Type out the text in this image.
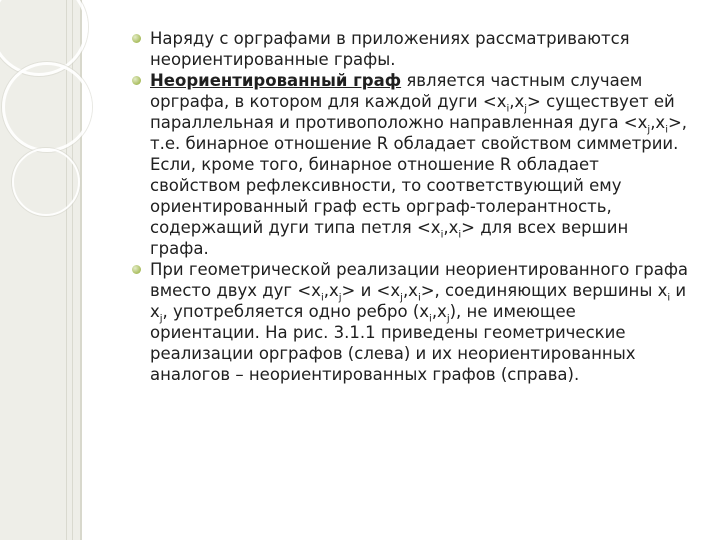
Наряду с орграфами в приложениях рассматриваются неориентированные графы.
Неориентированный граф является частным случаем орграфа, в котором для каждой дуги $<x_i,x_j>$ существует ей параллельная и противоположно направленная дуга $<x_j,x_i>$, т.е. бинарное отношение R обладает свойством симметрии. Если, кроме того, бинарное отношение R обладает свойством рефлексивности, то соответствующий ему ориентированный граф есть орграф-толерантность, содержащий дуги типа петля $<x_i,x_i>$ для всех вершин графа.
При геометрической реализации неориентированного графа вместо двух дуг $<x_i,x_j> и <x_j,x_i>$, соединяющих вершины $x_i$ и $x_j$, употребляется одно ребро $(x_i,x_j)$, не имеющее ориентации. На рис. 3.1.1 приведены геометрические реализации орграфов (слева) и их неориентированных аналогов – неориентированных графов (справа).
